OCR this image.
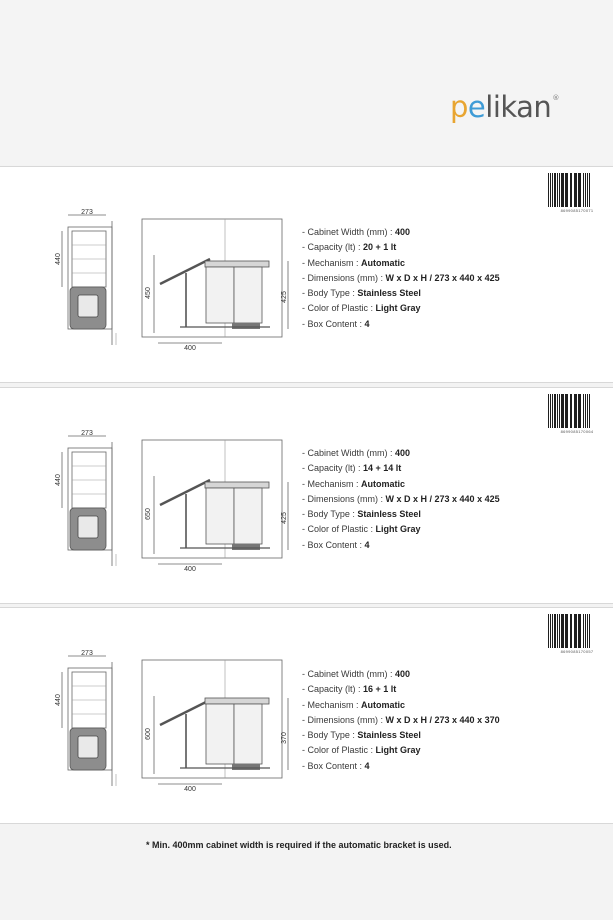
pelikan®
273
440
450	425
400
8699085170071
- Cabinet Width (mm) : 400
- Capacity (lt) : 20 + 1 lt
- Mechanism : Automatic
- Dimensions (mm) : W x D x H / 273 x 440 x 425
- Body Type : Stainless Steel
- Color of Plastic : Light Gray
- Box Content : 4
273
440
650	425
400
8699085170064
- Cabinet Width (mm) : 400
- Capacity (lt) : 14 + 14 lt
- Mechanism : Automatic
- Dimensions (mm) : W x D x H / 273 x 440 x 425
- Body Type : Stainless Steel
- Color of Plastic : Light Gray
- Box Content : 4
273
440
600	370
400
8699085170057
- Cabinet Width (mm) : 400
- Capacity (lt) : 16 + 1 lt
- Mechanism : Automatic
- Dimensions (mm) : W x D x H / 273 x 440 x 370
- Body Type : Stainless Steel
- Color of Plastic : Light Gray
- Box Content : 4
* Min. 400mm cabinet width is required if the automatic bracket is used.
